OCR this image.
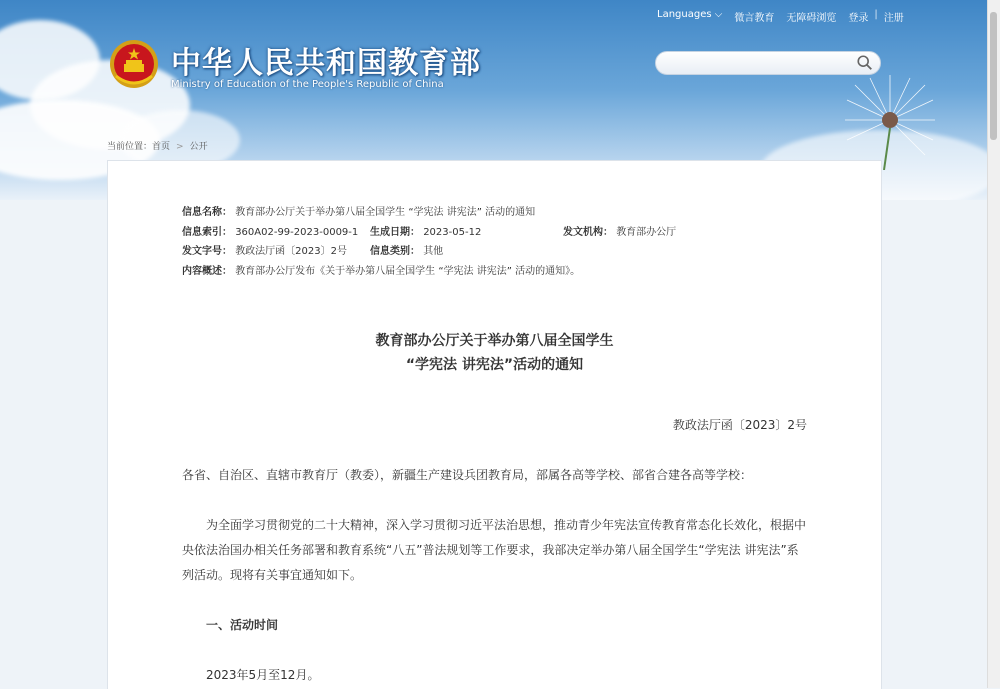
Languages ⌵	微言教育	无障碍浏览	登录 | 注册
中华人民共和国教育部
Ministry of Education of the People's Republic of China
当前位置：首页 > 公开
信息名称： 教育部办公厅关于举办第八届全国学生 “学宪法 讲宪法” 活动的通知
信息索引： 360A02-99-2023-0009-1 生成日期： 2023-05-12	发文机构： 教育部办公厅
发文字号： 教政法厅函〔2023〕2号 信息类别： 其他
内容概述： 教育部办公厅发布《关于举办第八届全国学生 “学宪法 讲宪法” 活动的通知》。
教育部办公厅关于举办第八届全国学生
“学宪法 讲宪法”活动的通知
教政法厅函〔2023〕2号
各省、自治区、直辖市教育厅（教委），新疆生产建设兵团教育局，部属各高等学校、部省合建各高等学校：
为全面学习贯彻党的二十大精神，深入学习贯彻习近平法治思想，推动青少年宪法宣传教育常态化长效化，根据中央依法治国办相关任务部署和教育系统“八五”普法规划等工作要求，我部决定举办第八届全国学生“学宪法 讲宪法”系列活动。现将有关事宜通知如下。
一、活动时间
2023年5月至12月。
